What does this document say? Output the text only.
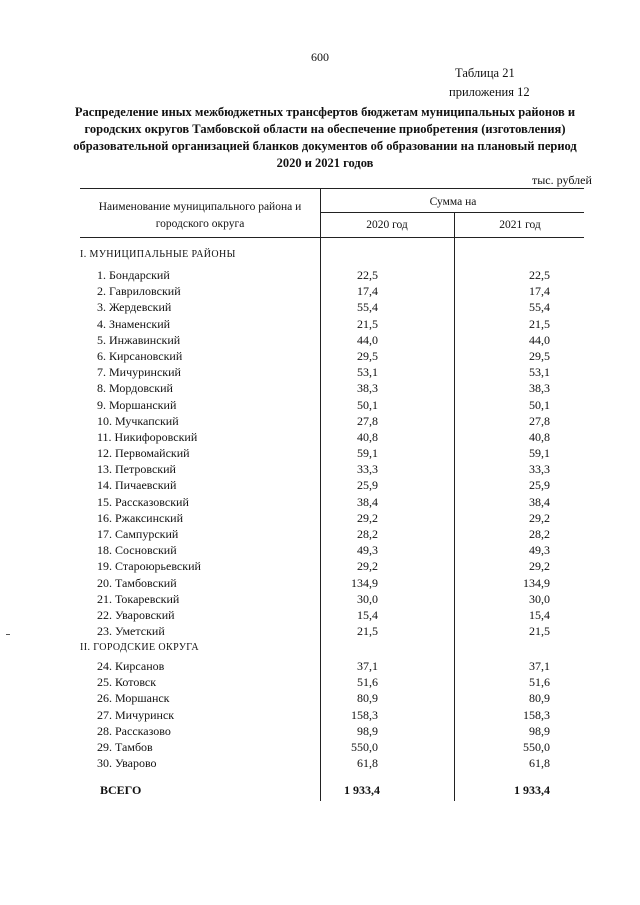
600
Таблица 21
приложения 12
Распределение иных межбюджетных трансфертов бюджетам муниципальных районов и городских округов Тамбовской области на обеспечение приобретения (изготовления) образовательной организацией бланков документов об образовании на плановый период 2020 и 2021 годов
тыс. рублей
Наименование муниципального района и городского округа
Сумма на
2020 год	2021 год
I. МУНИЦИПАЛЬНЫЕ РАЙОНЫ
1. Бондарский	22,5	22,5
2. Гавриловский	17,4	17,4
3. Жердевский	55,4	55,4
4. Знаменский	21,5	21,5
5. Инжавинский	44,0	44,0
6. Кирсановский	29,5	29,5
7. Мичуринский	53,1	53,1
8. Мордовский	38,3	38,3
9. Моршанский	50,1	50,1
10. Мучкапский	27,8	27,8
11. Никифоровский	40,8	40,8
12. Первомайский	59,1	59,1
13. Петровский	33,3	33,3
14. Пичаевский	25,9	25,9
15. Рассказовский	38,4	38,4
16. Ржаксинский	29,2	29,2
17. Сампурский	28,2	28,2
18. Сосновский	49,3	49,3
19. Староюрьевский	29,2	29,2
20. Тамбовский	134,9	134,9
21. Токаревский	30,0	30,0
22. Уваровский	15,4	15,4
23. Уметский	21,5	21,5
II. ГОРОДСКИЕ ОКРУГА
24. Кирсанов	37,1	37,1
25. Котовск	51,6	51,6
26. Моршанск	80,9	80,9
27. Мичуринск	158,3	158,3
28. Рассказово	98,9	98,9
29. Тамбов	550,0	550,0
30. Уварово	61,8	61,8
ВСЕГО	1 933,4	1 933,4
